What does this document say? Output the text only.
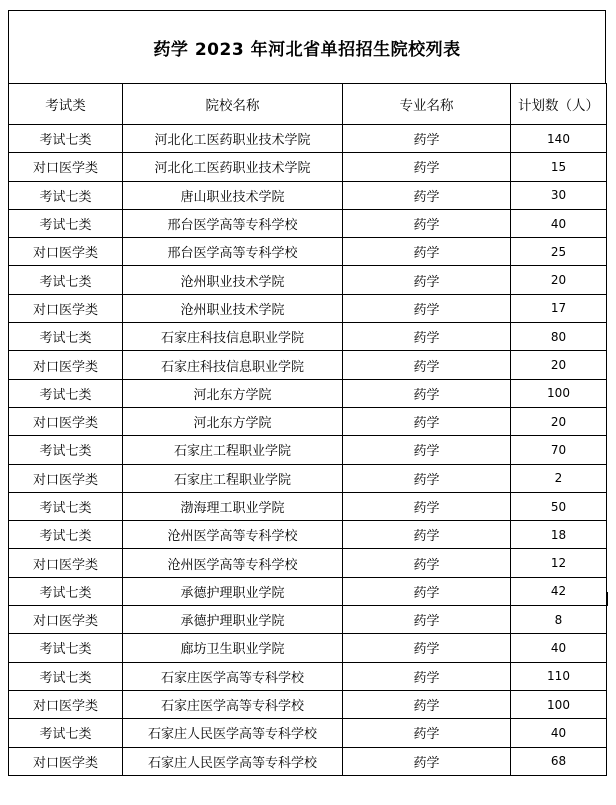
药学 2023 年河北省单招招生院校列表
考试类	院校名称	专业名称	计划数（人）
考试七类	河北化工医药职业技术学院	药学	140
对口医学类	河北化工医药职业技术学院	药学	15
考试七类	唐山职业技术学院	药学	30
考试七类	邢台医学高等专科学校	药学	40
对口医学类	邢台医学高等专科学校	药学	25
考试七类	沧州职业技术学院	药学	20
对口医学类	沧州职业技术学院	药学	17
考试七类	石家庄科技信息职业学院	药学	80
对口医学类	石家庄科技信息职业学院	药学	20
考试七类	河北东方学院	药学	100
对口医学类	河北东方学院	药学	20
考试七类	石家庄工程职业学院	药学	70
对口医学类	石家庄工程职业学院	药学	2
考试七类	渤海理工职业学院	药学	50
考试七类	沧州医学高等专科学校	药学	18
对口医学类	沧州医学高等专科学校	药学	12
考试七类	承德护理职业学院	药学	42
对口医学类	承德护理职业学院	药学	8
考试七类	廊坊卫生职业学院	药学	40
考试七类	石家庄医学高等专科学校	药学	110
对口医学类	石家庄医学高等专科学校	药学	100
考试七类	石家庄人民医学高等专科学校	药学	40
对口医学类	石家庄人民医学高等专科学校	药学	68
